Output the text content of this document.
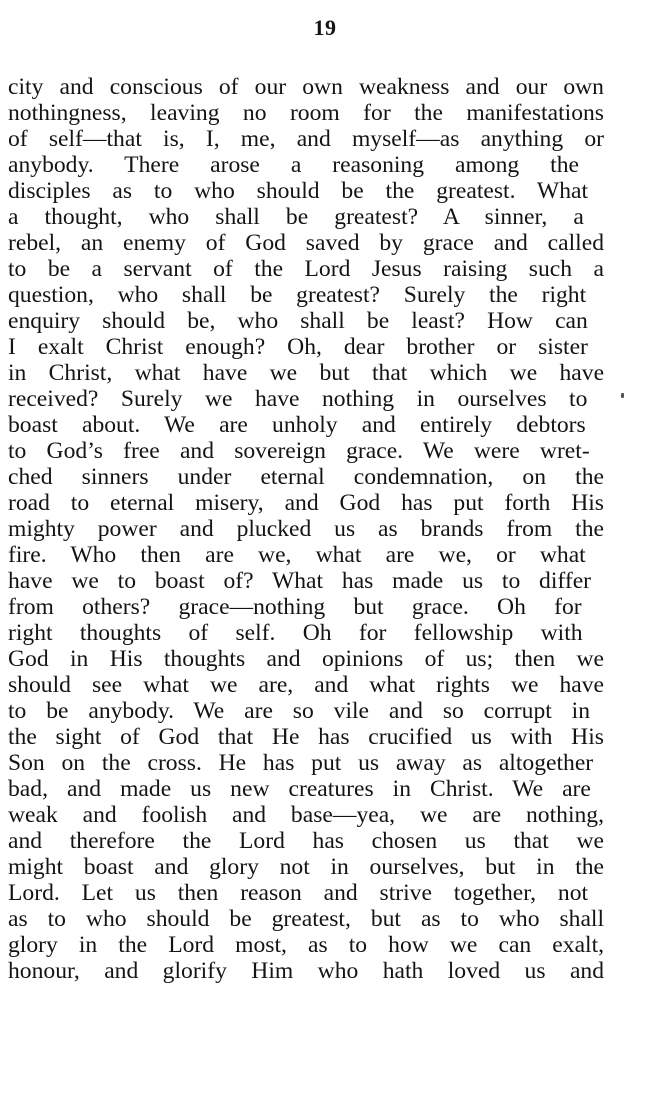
19
city and conscious of our own weakness and our own
nothingness, leaving no room for the manifestations
of self—that is, I, me, and myself—as anything or
anybody. There arose a reasoning among the
disciples as to who should be the greatest. What
a thought, who shall be greatest? A sinner, a
rebel, an enemy of God saved by grace and called
to be a servant of the Lord Jesus raising such a
question, who shall be greatest? Surely the right
enquiry should be, who shall be least? How can
I exalt Christ enough? Oh, dear brother or sister
in Christ, what have we but that which we have
received? Surely we have nothing in ourselves to
boast about. We are unholy and entirely debtors
to God’s free and sovereign grace. We were wret-
ched sinners under eternal condemnation, on the
road to eternal misery, and God has put forth His
mighty power and plucked us as brands from the
fire. Who then are we, what are we, or what
have we to boast of? What has made us to differ
from others? grace—nothing but grace. Oh for
right thoughts of self. Oh for fellowship with
God in His thoughts and opinions of us; then we
should see what we are, and what rights we have
to be anybody. We are so vile and so corrupt in
the sight of God that He has crucified us with His
Son on the cross. He has put us away as altogether
bad, and made us new creatures in Christ. We are
weak and foolish and base—yea, we are nothing,
and therefore the Lord has chosen us that we
might boast and glory not in ourselves, but in the
Lord. Let us then reason and strive together, not
as to who should be greatest, but as to who shall
glory in the Lord most, as to how we can exalt,
honour, and glorify Him who hath loved us and
